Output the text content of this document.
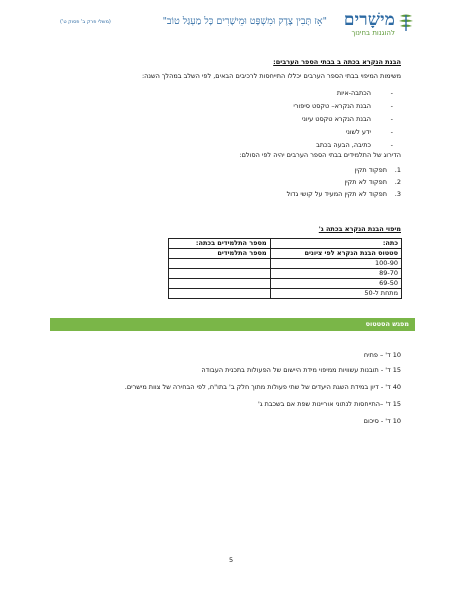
מישָׁרים
להוגנות בחינוך
"אָז תָּבִין צֶדֶק וּמִשְׁפָּט וּמֵישָׁרִים כָּל מַעְגַּל טוֹב"
(משלי פרק ב' פסוק ט')
הבנת הנקרא בכתה ב בבתי הספר הערבים:
משימות המיפוי בבתי הספר הערבים יכללו התייחסות לרכיבים הבאים, לפי השלב במהלך השנה:
-
הכתבה-איות
-
הבנת הנקרא– טקסט סיפורי
-
הבנת הנקרא טקסט עיוני
-
ידע לשוני
-
כתיבה, הבעה בכתב
הדירוג של התלמידים בבתי הספר הערבים יהיה לפי הסולם:
1.
תפקוד תקין
2.
תפקוד לא תקין
3.
תפקוד לא תקין המעיד על קושי גדול
מיפוי הבנת הנקרא בכתה ג'
כתה:	מספר התלמידים בכתה:
סטטוס הבנת הנקרא לפי ציונים	מספר התלמידים
100-90	
89-70	
69-50	
מתחת ל-50	
מפגש הסטטוס

10 ד' – פתיח

15 ד' - תובנות עשוויות ממיפוי מידת היישום של הפעולות בתכנית העבודה

40 ד' - דיון במידת השגת היעדים של שתי פעולות מתוך חלק ב' בתו"ח, לפי הבחירה של צוות מישרים.

15 ד' –התייחסות לנתוני אוריינות שפת אם בשכבת ג'

10 ד' - סיכום

5
